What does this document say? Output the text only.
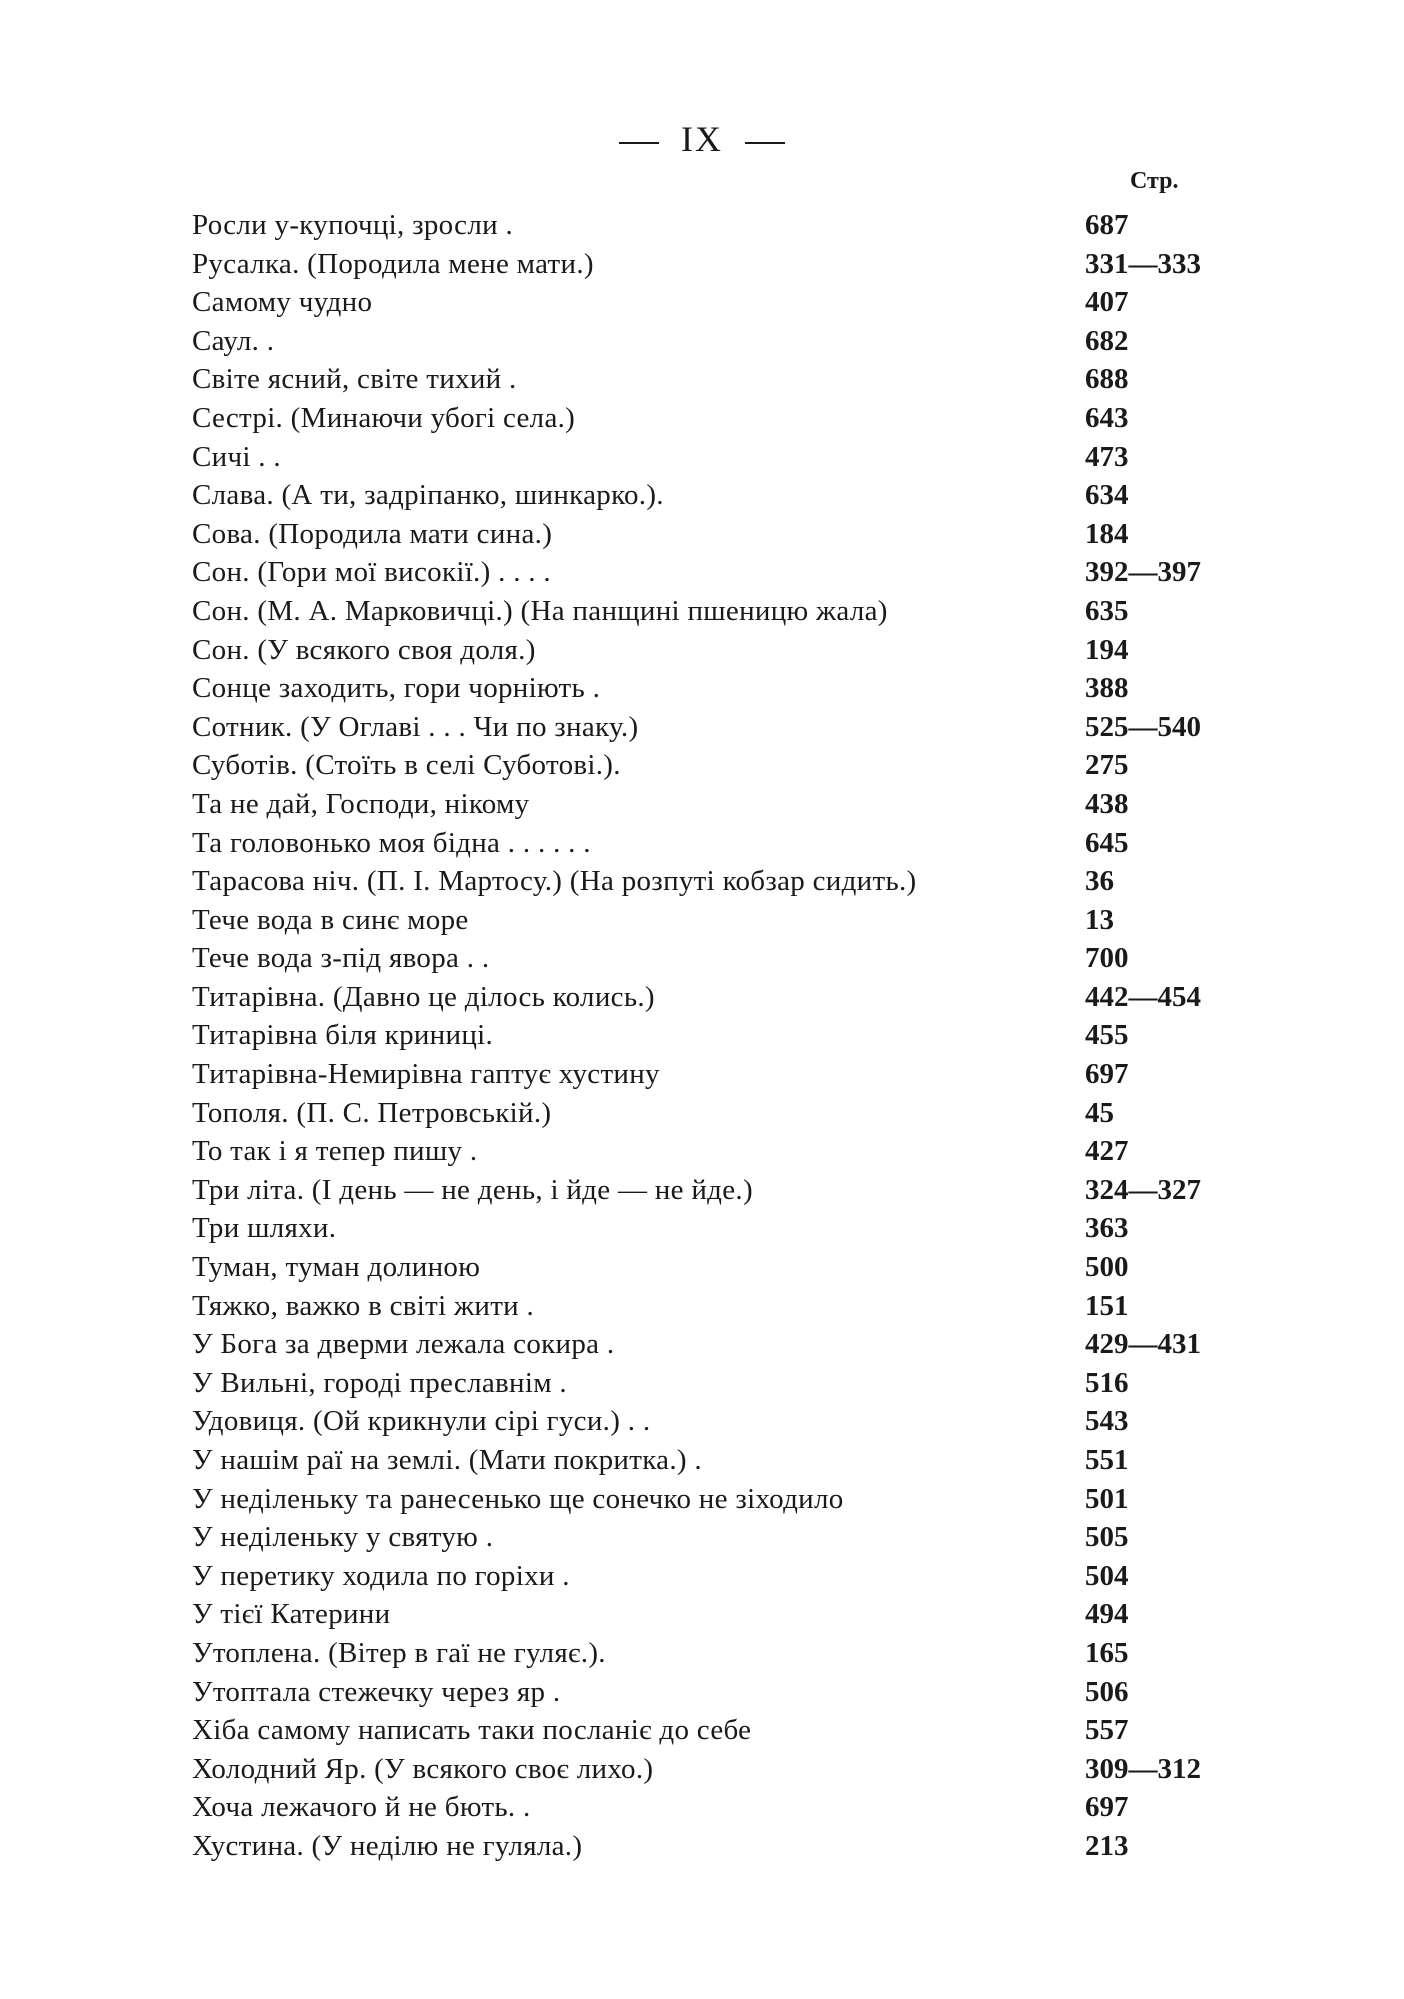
IX
Стр.
Росли у-купочці, зросли .	687
Русалка. (Породила мене мати.)	331—333
Самому чудно	407
Саул. .	682
Світе ясний, світе тихий .	688
Сестрі. (Минаючи убогі села.)	643
Сичі . .	473
Слава. (А ти, задріпанко, шинкарко.).	634
Сова. (Породила мати сина.)	184
Сон. (Гори мої високії.) . . . .	392—397
Сон. (М. А. Марковичці.) (На панщині пшеницю жала)	635
Сон. (У всякого своя доля.)	194
Сонце заходить, гори чорніють .	388
Сотник. (У Оглаві . . . Чи по знаку.)	525—540
Суботів. (Стоїть в селі Суботові.).	275
Та не дай, Господи, нікому	438
Та головонько моя бідна . . . . . .	645
Тарасова ніч. (П. І. Мартосу.) (На розпуті кобзар сидить.)	36
Тече вода в синє море	13
Тече вода з-під явора . .	700
Титарівна. (Давно це ділось колись.)	442—454
Титарівна біля криниці.	455
Титарівна-Немирівна гаптує хустину	697
Тополя. (П. С. Петровській.)	45
То так і я тепер пишу .	427
Три літа. (І день — не день, і йде — не йде.)	324—327
Три шляхи.	363
Туман, туман долиною	500
Тяжко, важко в світі жити .	151
У Бога за дверми лежала сокира .	429—431
У Вильні, городі преславнім .	516
Удовиця. (Ой крикнули сірі гуси.) . .	543
У нашім раї на землі. (Мати покритка.) .	551
У неділеньку та ранесенько ще сонечко не зіходило	501
У неділеньку у святую .	505
У перетику ходила по горіхи .	504
У тієї Катерини	494
Утоплена. (Вітер в гаї не гуляє.).	165
Утоптала стежечку через яр .	506
Хіба самому написать таки посланіє до себе	557
Холодний Яр. (У всякого своє лихо.)	309—312
Хоча лежачого й не бють. .	697
Хустина. (У неділю не гуляла.)	213
